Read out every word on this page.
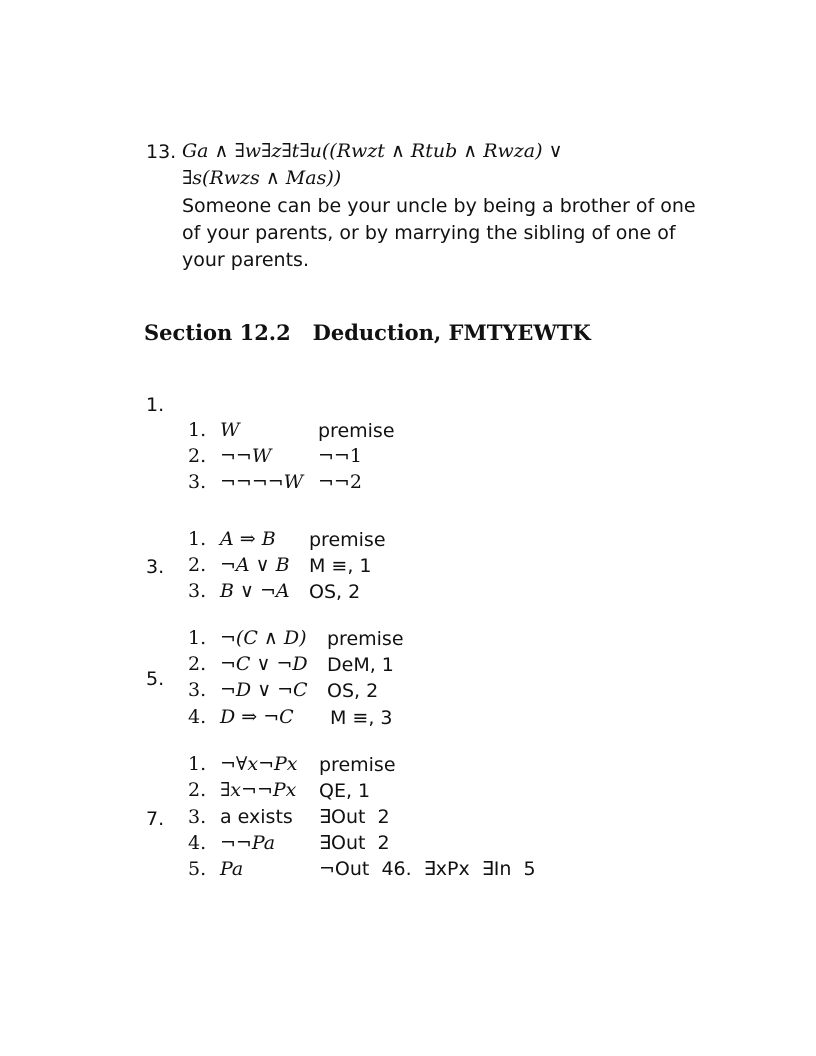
13. Ga ∧ ∃w∃z∃t∃u((Rwzt ∧ Rtub ∧ Rwza) ∨
∃s(Rwzs ∧ Mas))
Someone can be your uncle by being a brother of one
of your parents, or by marrying the sibling of one of
your parents.
Section 12.2   Deduction, FMTYEWTK
1.
1. W	premise
2. ¬¬W ¬¬1
3. ¬¬¬¬W ¬¬2
3.
1. A ⇒ B premise
2. ¬A ∨ B M ≡, 1
3. B ∨ ¬A OS, 2
5.
1. ¬(C ∧ D) premise
2. ¬C ∨ ¬D DeM, 1
3. ¬D ∨ ¬C OS, 2
4. D ⇒ ¬C M ≡, 3
7.
1. ¬∀x¬Px premise
2. ∃x¬¬Px QE, 1
3. a exists ∃Out  2
4. ¬¬Pa ∃Out  2
5. Pa	¬Out  46.  ∃xPx  ∃In  5
